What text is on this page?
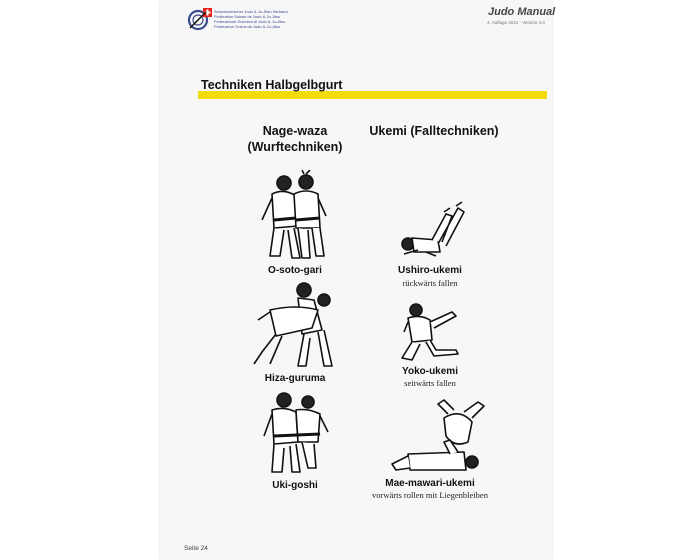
Schweizerischer Judo & Ju-Jitsu Verband
Fédération Suisse de Judo & Ju-Jitsu
Federazione Svizzera di Judo & Ju-Jitsu
Federaziun Svizra da Judo & Ju-Jitsu
Judo Manual
4. Auflage 2021 · Version 4.0
Techniken Halbgelbgurt
Nage-waza
(Wurftechniken)
Ukemi (Falltechniken)
O-soto-gari
Hiza-guruma
Uki-goshi
Ushiro-ukemi
rückwärts fallen
Yoko-ukemi
seitwärts fallen
Mae-mawari-ukemi
vorwärts rollen mit Liegenbleiben
Seite 24
